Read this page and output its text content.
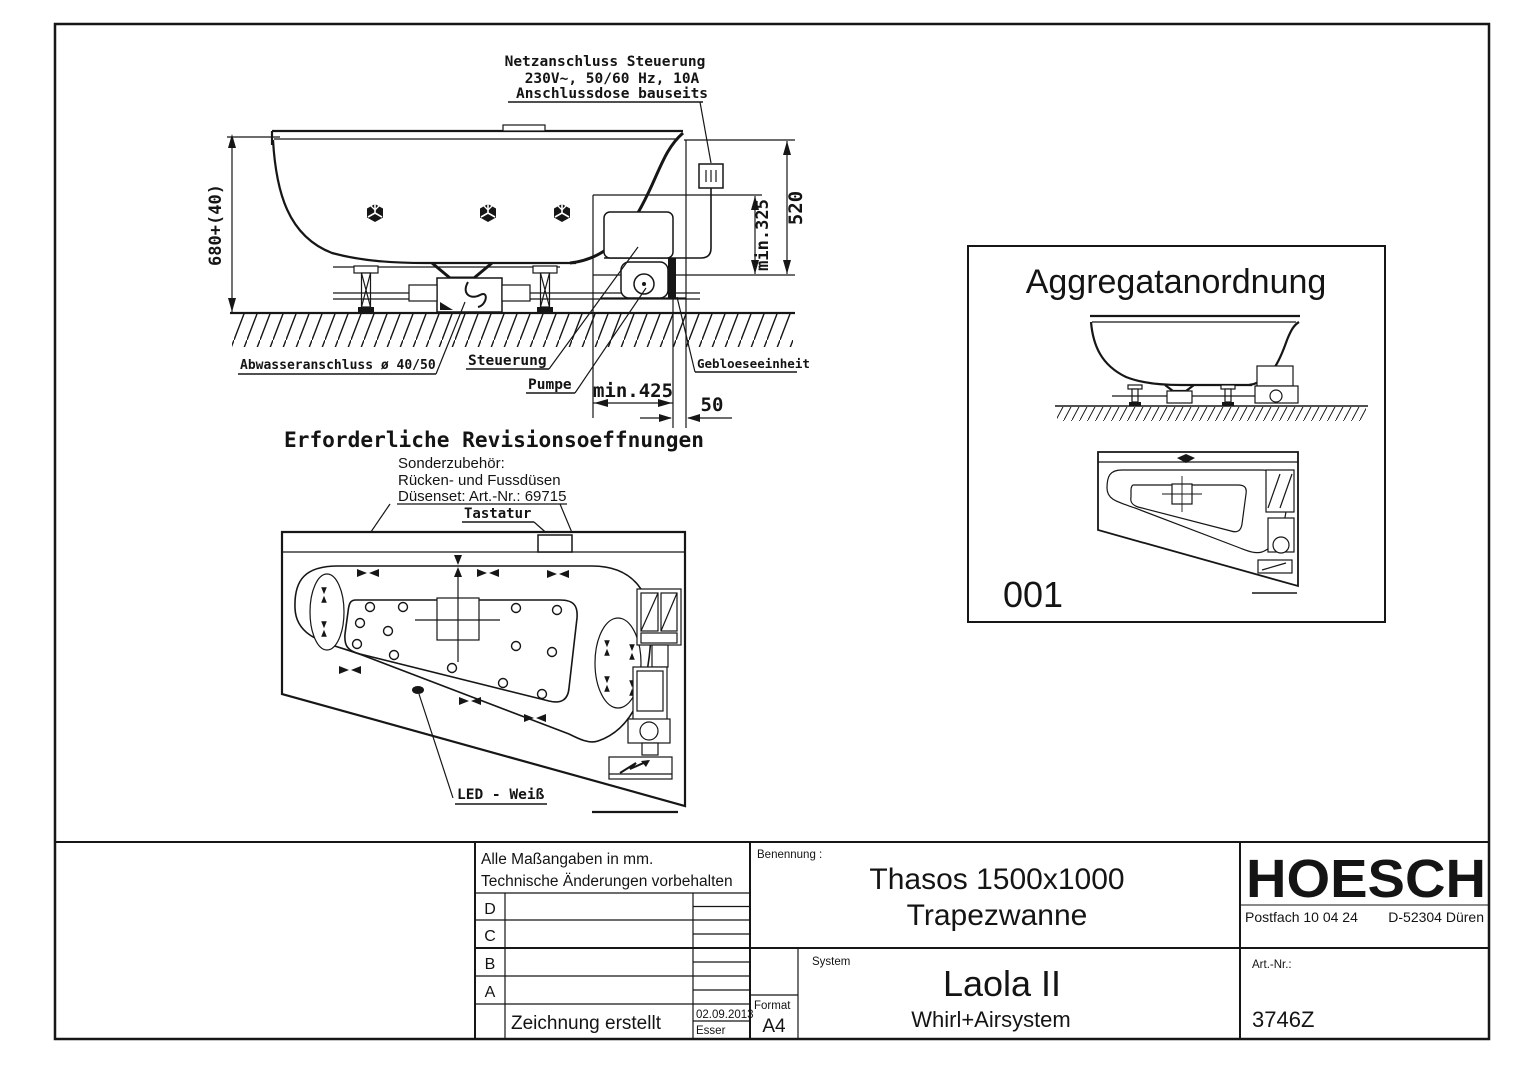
680+(40)	min.325 520
min.425
50
Netzanschluss Steuerung
230V~, 50/60 Hz, 10A
Anschlussdose bauseits
Abwasseranschluss ø 40/50 Steuerung
Pumpe
Gebloeseeinheit
Erforderliche Revisionsoeffnungen
Sonderzubehör:
Rücken- und Fussdüsen
Düsenset: Art.-Nr.: 69715
Tastatur
LED - Weiß
Aggregatanordnung
001
Alle Maßangaben in mm.
Technische Änderungen vorbehalten
D
C
B
A
Zeichnung erstellt	02.09.2013
Esser
Format
A4
Benennung :
Thasos 1500x1000
Trapezwanne
System
Laola II
Whirl+Airsystem
HOESCH
Postfach 10 04 24 D-52304 Düren
Art.-Nr.:
3746Z
